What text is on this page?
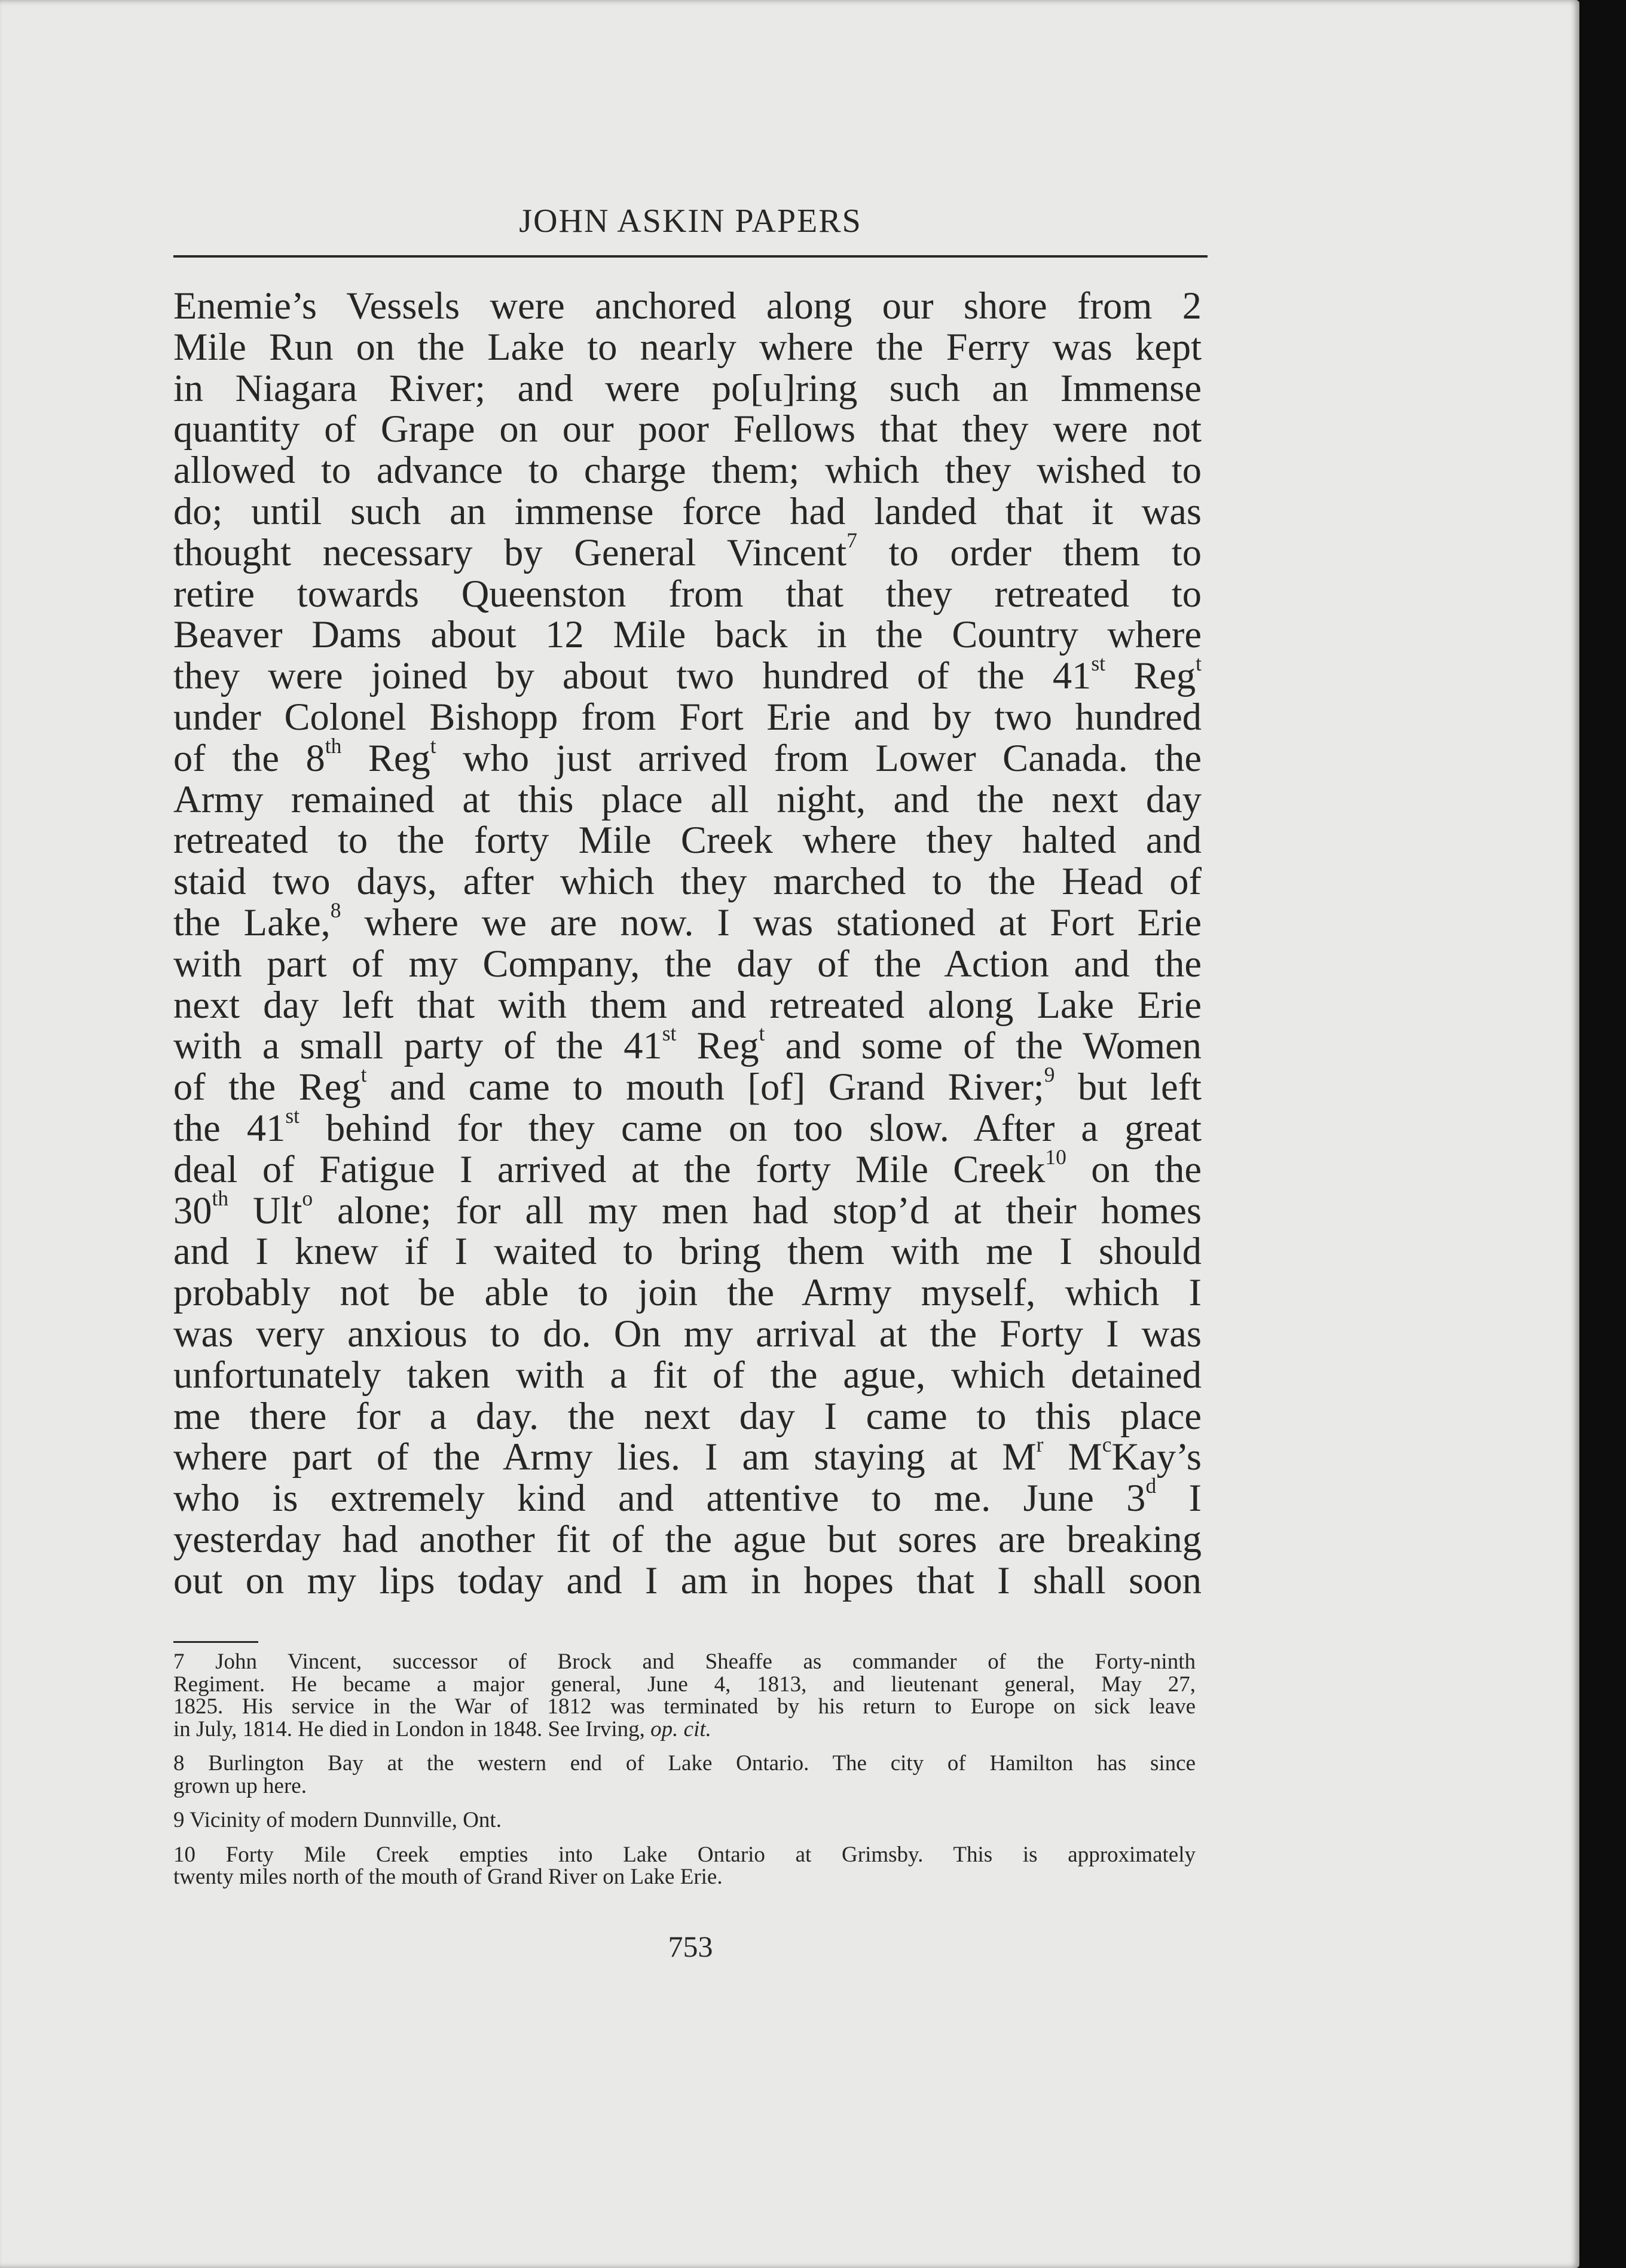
JOHN ASKIN PAPERS
Enemie’s Vessels were anchored along our shore from 2
Mile Run on the Lake to nearly where the Ferry was kept
in Niagara River; and were po[u]ring such an Immense
quantity of Grape on our poor Fellows that they were not
allowed to advance to charge them; which they wished to
do; until such an immense force had landed that it was
thought necessary by General Vincent$^7$ to order them to
retire towards Queenston from that they retreated to
Beaver Dams about 12 Mile back in the Country where
they were joined by about two hundred of the 41st Reg$^t$
under Colonel Bishopp from Fort Erie and by two hundred
of the 8th Reg$^t$ who just arrived from Lower Canada. the
Army remained at this place all night, and the next day
retreated to the forty Mile Creek where they halted and
staid two days, after which they marched to the Head of
the Lake,$^8$ where we are now. I was stationed at Fort Erie
with part of my Company, the day of the Action and the
next day left that with them and retreated along Lake Erie
with a small party of the 41st Reg$^t$ and some of the Women
of the Reg$^t$ and came to mouth [of] Grand River;$^9$ but left
the 41st behind for they came on too slow. After a great
deal of Fatigue I arrived at the forty Mile Creek$^{10}$ on the
30th Ult$^o$ alone; for all my men had stop’d at their homes
and I knew if I waited to bring them with me I should
probably not be able to join the Army myself, which I
was very anxious to do. On my arrival at the Forty I was
unfortunately taken with a fit of the ague, which detained
me there for a day. the next day I came to this place
where part of the Army lies. I am staying at $M^r$ $M^cKay’s$
who is extremely kind and attentive to me. June 3$^d$ I
yesterday had another fit of the ague but sores are breaking
out on my lips today and I am in hopes that I shall soon
7 John Vincent, successor of Brock and Sheaffe as commander of the Forty-ninth
Regiment. He became a major general, June 4, 1813, and lieutenant general, May 27,
1825. His service in the War of 1812 was terminated by his return to Europe on sick leave
in July, 1814. He died in London in 1848. See Irving, op. cit.
8 Burlington Bay at the western end of Lake Ontario. The city of Hamilton has since
grown up here.
9 Vicinity of modern Dunnville, Ont.
10 Forty Mile Creek empties into Lake Ontario at Grimsby. This is approximately
twenty miles north of the mouth of Grand River on Lake Erie.
753
